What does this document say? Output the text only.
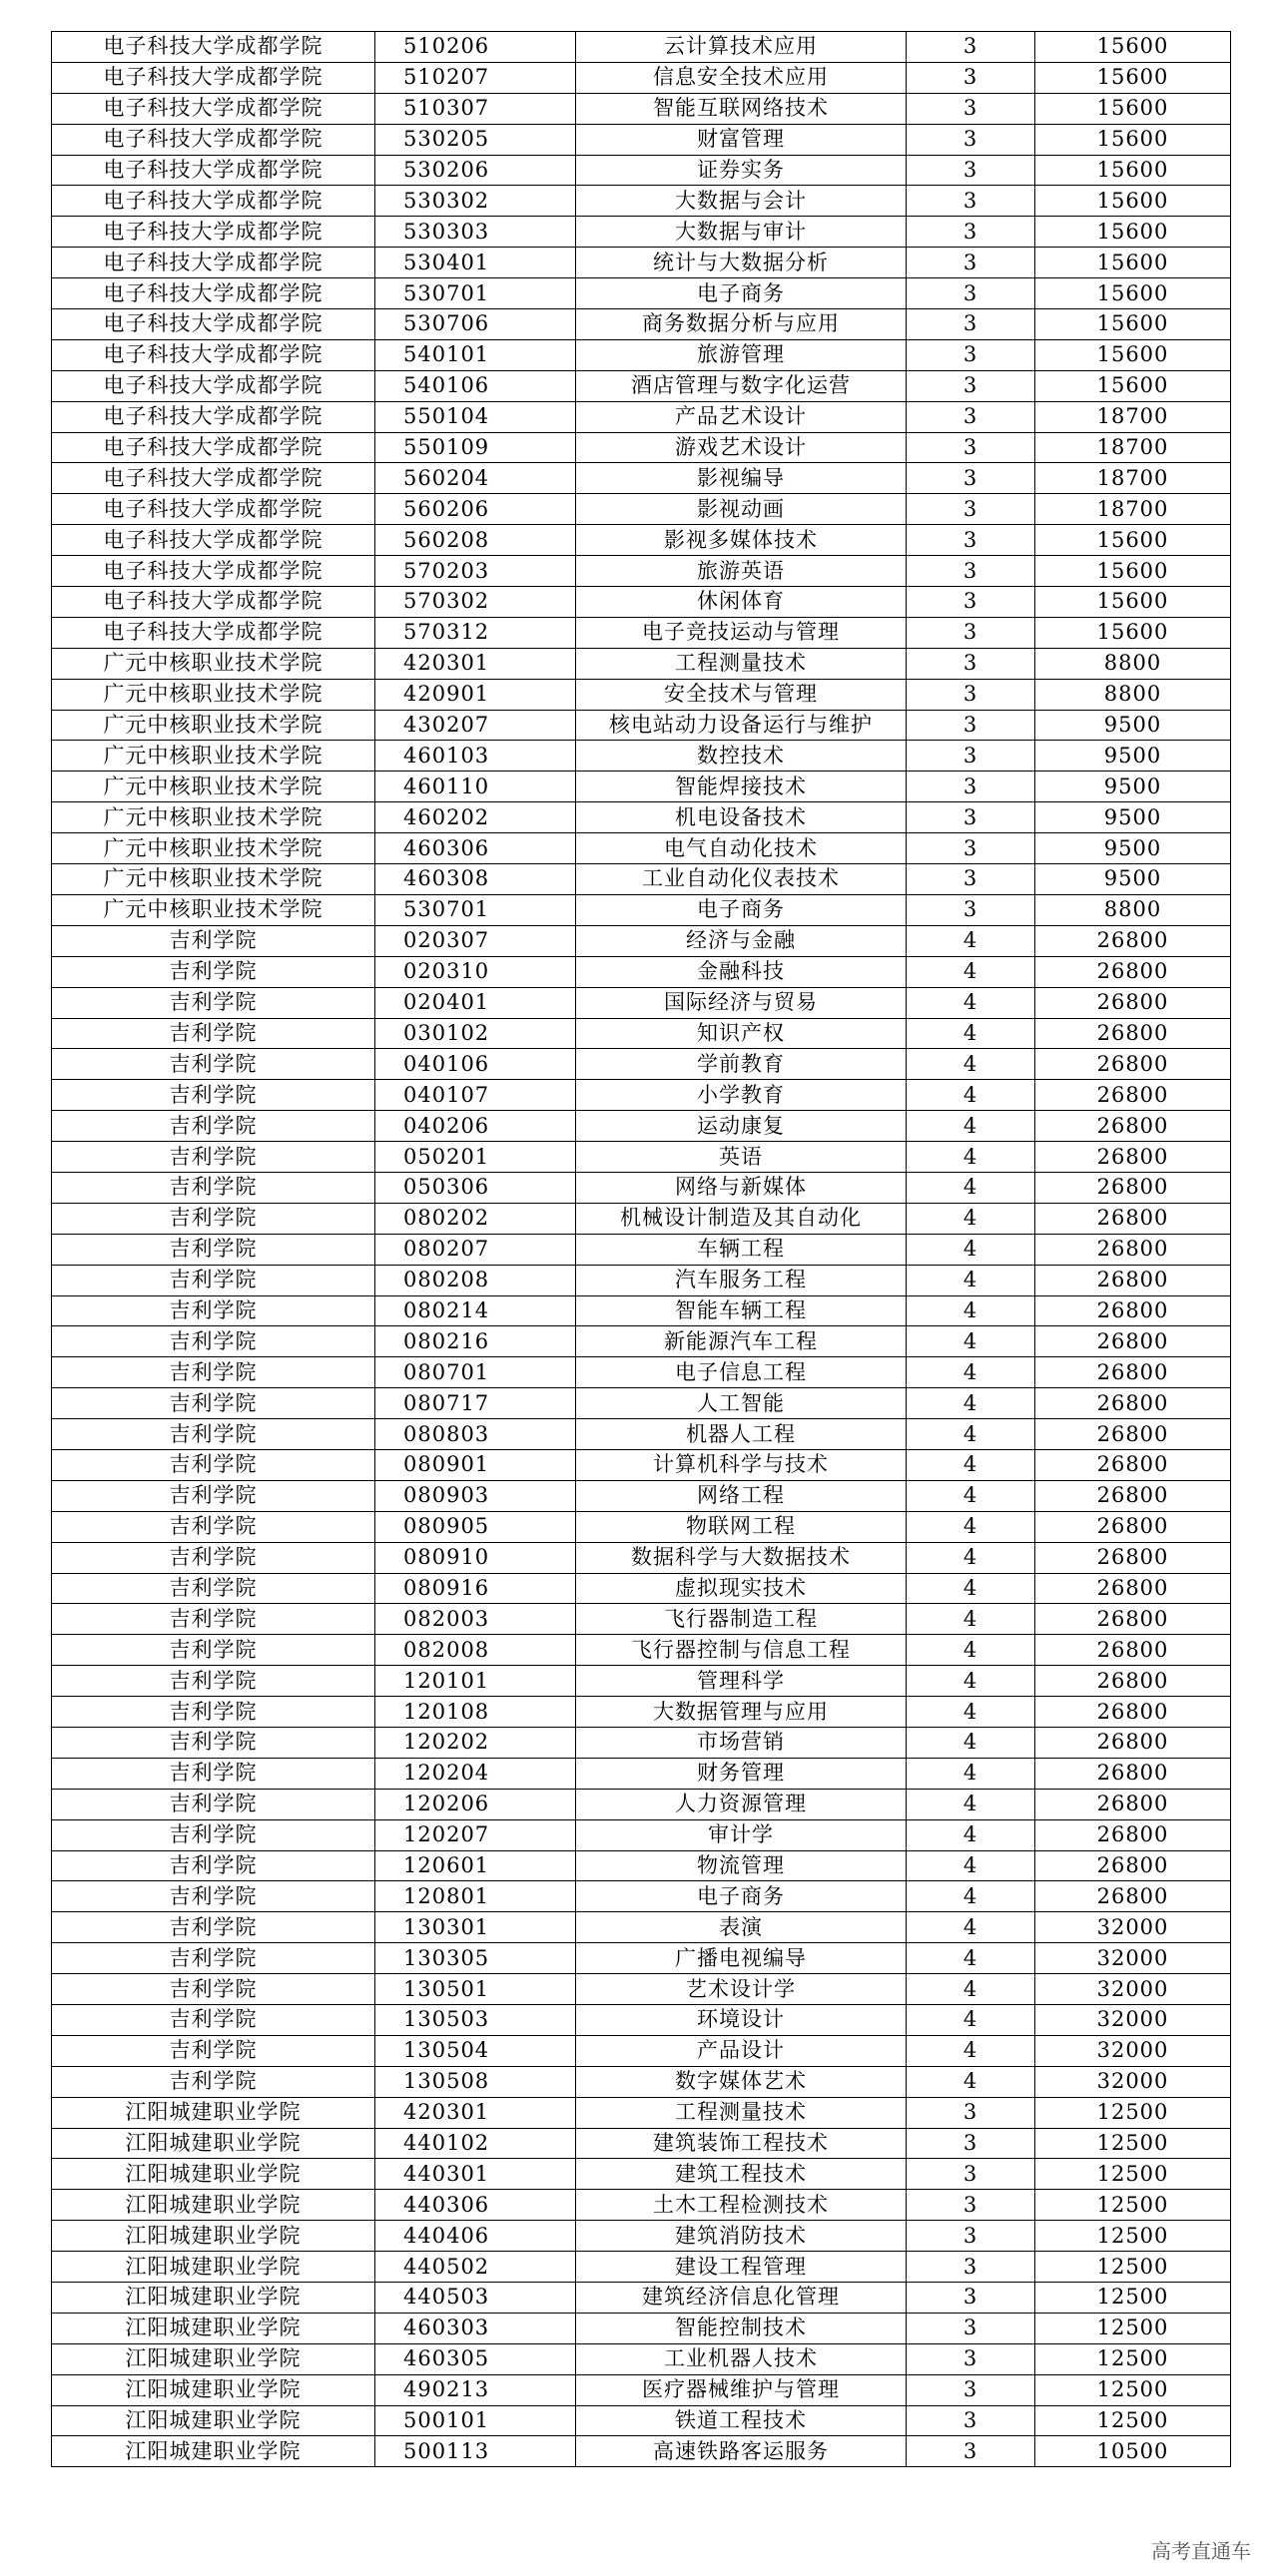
电子科技大学成都学院	510206	云计算技术应用	3	15600
电子科技大学成都学院	510207	信息安全技术应用	3	15600
电子科技大学成都学院	510307	智能互联网络技术	3	15600
电子科技大学成都学院	530205	财富管理	3	15600
电子科技大学成都学院	530206	证券实务	3	15600
电子科技大学成都学院	530302	大数据与会计	3	15600
电子科技大学成都学院	530303	大数据与审计	3	15600
电子科技大学成都学院	530401	统计与大数据分析	3	15600
电子科技大学成都学院	530701	电子商务	3	15600
电子科技大学成都学院	530706	商务数据分析与应用	3	15600
电子科技大学成都学院	540101	旅游管理	3	15600
电子科技大学成都学院	540106	酒店管理与数字化运营	3	15600
电子科技大学成都学院	550104	产品艺术设计	3	18700
电子科技大学成都学院	550109	游戏艺术设计	3	18700
电子科技大学成都学院	560204	影视编导	3	18700
电子科技大学成都学院	560206	影视动画	3	18700
电子科技大学成都学院	560208	影视多媒体技术	3	15600
电子科技大学成都学院	570203	旅游英语	3	15600
电子科技大学成都学院	570302	休闲体育	3	15600
电子科技大学成都学院	570312	电子竞技运动与管理	3	15600
广元中核职业技术学院	420301	工程测量技术	3	8800
广元中核职业技术学院	420901	安全技术与管理	3	8800
广元中核职业技术学院	430207	核电站动力设备运行与维护	3	9500
广元中核职业技术学院	460103	数控技术	3	9500
广元中核职业技术学院	460110	智能焊接技术	3	9500
广元中核职业技术学院	460202	机电设备技术	3	9500
广元中核职业技术学院	460306	电气自动化技术	3	9500
广元中核职业技术学院	460308	工业自动化仪表技术	3	9500
广元中核职业技术学院	530701	电子商务	3	8800
吉利学院	020307	经济与金融	4	26800
吉利学院	020310	金融科技	4	26800
吉利学院	020401	国际经济与贸易	4	26800
吉利学院	030102	知识产权	4	26800
吉利学院	040106	学前教育	4	26800
吉利学院	040107	小学教育	4	26800
吉利学院	040206	运动康复	4	26800
吉利学院	050201	英语	4	26800
吉利学院	050306	网络与新媒体	4	26800
吉利学院	080202	机械设计制造及其自动化	4	26800
吉利学院	080207	车辆工程	4	26800
吉利学院	080208	汽车服务工程	4	26800
吉利学院	080214	智能车辆工程	4	26800
吉利学院	080216	新能源汽车工程	4	26800
吉利学院	080701	电子信息工程	4	26800
吉利学院	080717	人工智能	4	26800
吉利学院	080803	机器人工程	4	26800
吉利学院	080901	计算机科学与技术	4	26800
吉利学院	080903	网络工程	4	26800
吉利学院	080905	物联网工程	4	26800
吉利学院	080910	数据科学与大数据技术	4	26800
吉利学院	080916	虚拟现实技术	4	26800
吉利学院	082003	飞行器制造工程	4	26800
吉利学院	082008	飞行器控制与信息工程	4	26800
吉利学院	120101	管理科学	4	26800
吉利学院	120108	大数据管理与应用	4	26800
吉利学院	120202	市场营销	4	26800
吉利学院	120204	财务管理	4	26800
吉利学院	120206	人力资源管理	4	26800
吉利学院	120207	审计学	4	26800
吉利学院	120601	物流管理	4	26800
吉利学院	120801	电子商务	4	26800
吉利学院	130301	表演	4	32000
吉利学院	130305	广播电视编导	4	32000
吉利学院	130501	艺术设计学	4	32000
吉利学院	130503	环境设计	4	32000
吉利学院	130504	产品设计	4	32000
吉利学院	130508	数字媒体艺术	4	32000
江阳城建职业学院	420301	工程测量技术	3	12500
江阳城建职业学院	440102	建筑装饰工程技术	3	12500
江阳城建职业学院	440301	建筑工程技术	3	12500
江阳城建职业学院	440306	土木工程检测技术	3	12500
江阳城建职业学院	440406	建筑消防技术	3	12500
江阳城建职业学院	440502	建设工程管理	3	12500
江阳城建职业学院	440503	建筑经济信息化管理	3	12500
江阳城建职业学院	460303	智能控制技术	3	12500
江阳城建职业学院	460305	工业机器人技术	3	12500
江阳城建职业学院	490213	医疗器械维护与管理	3	12500
江阳城建职业学院	500101	铁道工程技术	3	12500
江阳城建职业学院	500113	高速铁路客运服务	3	10500
高考直通车
